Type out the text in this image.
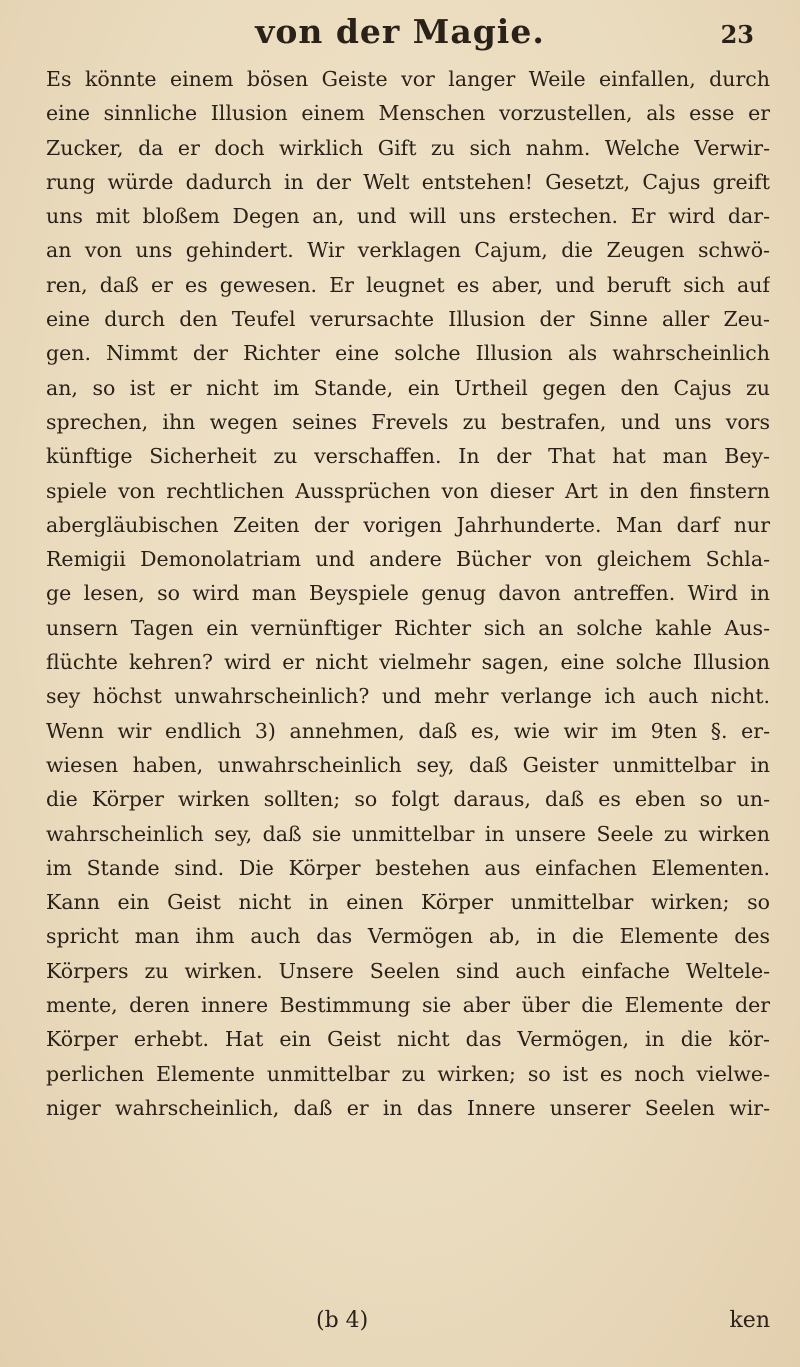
von der Magie.	23
Es könnte einem bösen Geiste vor langer Weile einfallen, durch
eine sinnliche Illusion einem Menschen vorzustellen, als esse er
Zucker, da er doch wirklich Gift zu sich nahm. Welche Verwir-
rung würde dadurch in der Welt entstehen! Gesetzt, Cajus greift
uns mit bloßem Degen an, und will uns erstechen. Er wird dar-
an von uns gehindert. Wir verklagen Cajum, die Zeugen schwö-
ren, daß er es gewesen. Er leugnet es aber, und beruft sich auf
eine durch den Teufel verursachte Illusion der Sinne aller Zeu-
gen. Nimmt der Richter eine solche Illusion als wahrscheinlich
an, so ist er nicht im Stande, ein Urtheil gegen den Cajus zu
sprechen, ihn wegen seines Frevels zu bestrafen, und uns vors
künftige Sicherheit zu verschaffen. In der That hat man Bey-
spiele von rechtlichen Aussprüchen von dieser Art in den finstern
abergläubischen Zeiten der vorigen Jahrhunderte. Man darf nur
Remigii Demonolatriam und andere Bücher von gleichem Schla-
ge lesen, so wird man Beyspiele genug davon antreffen. Wird in
unsern Tagen ein vernünftiger Richter sich an solche kahle Aus-
flüchte kehren? wird er nicht vielmehr sagen, eine solche Illusion
sey höchst unwahrscheinlich? und mehr verlange ich auch nicht.
Wenn wir endlich 3) annehmen, daß es, wie wir im 9ten §. er-
wiesen haben, unwahrscheinlich sey, daß Geister unmittelbar in
die Körper wirken sollten; so folgt daraus, daß es eben so un-
wahrscheinlich sey, daß sie unmittelbar in unsere Seele zu wirken
im Stande sind. Die Körper bestehen aus einfachen Elementen.
Kann ein Geist nicht in einen Körper unmittelbar wirken; so
spricht man ihm auch das Vermögen ab, in die Elemente des
Körpers zu wirken. Unsere Seelen sind auch einfache Weltele-
mente, deren innere Bestimmung sie aber über die Elemente der
Körper erhebt. Hat ein Geist nicht das Vermögen, in die kör-
perlichen Elemente unmittelbar zu wirken; so ist es noch vielwe-
niger wahrscheinlich, daß er in das Innere unserer Seelen wir-
(b 4)	ken
